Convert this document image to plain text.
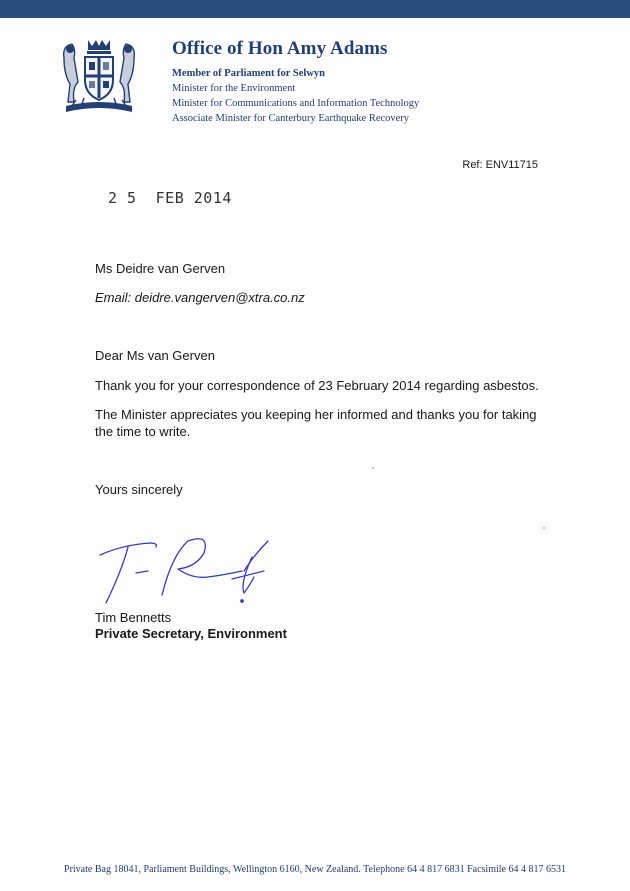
Office of Hon Amy Adams
Member of Parliament for Selwyn
Minister for the Environment
Minister for Communications and Information Technology
Associate Minister for Canterbury Earthquake Recovery
Ref: ENV11715
2 5  FEB 2014
Ms Deidre van Gerven
Email: deidre.vangerven@xtra.co.nz
Dear Ms van Gerven
Thank you for your correspondence of 23 February 2014 regarding asbestos.
The Minister appreciates you keeping her informed and thanks you for taking
the time to write.
Yours sincerely
Tim Bennetts
Private Secretary, Environment
Private Bag 18041, Parliament Buildings, Wellington 6160, New Zealand. Telephone 64 4 817 6831 Facsimile 64 4 817 6531
